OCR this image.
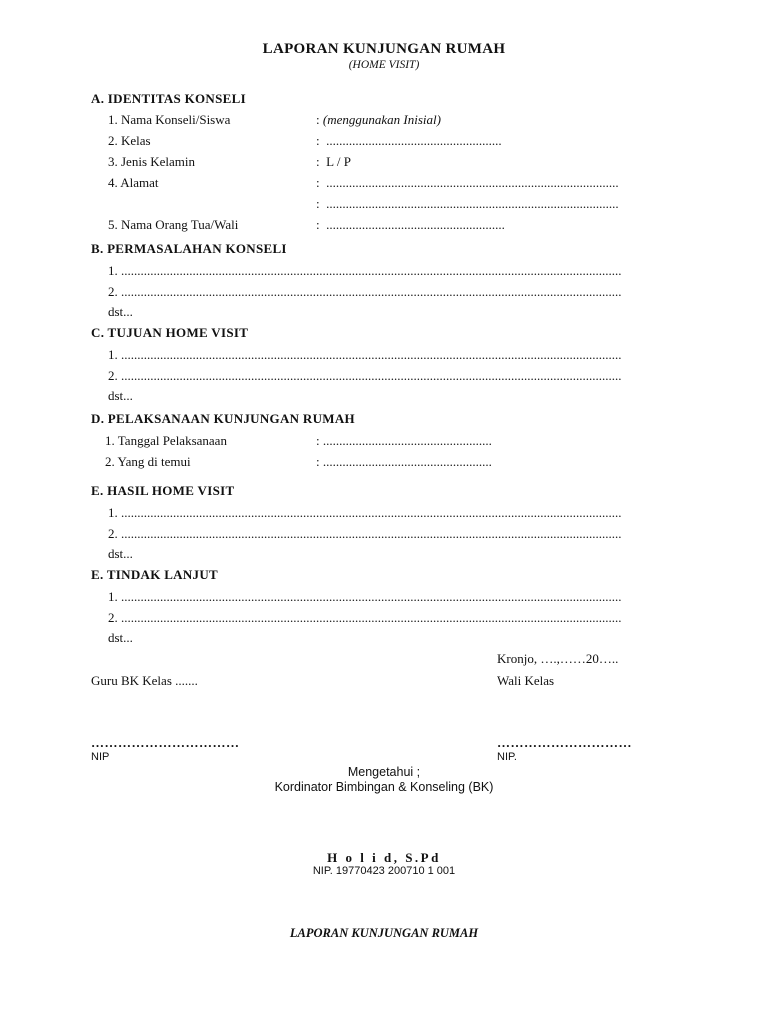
LAPORAN KUNJUNGAN RUMAH
(HOME VISIT)
A. IDENTITAS KONSELI
1. Nama Konseli/Siswa	: (menggunakan Inisial)
2. Kelas	: ......................................................
3. Jenis Kelamin	: L / P
4. Alamat	: ..........................................................................................
: ..........................................................................................
5. Nama Orang Tua/Wali	: .......................................................
B. PERMASALAHAN KONSELI
1. ..........................................................................................................................................................
2. ..........................................................................................................................................................
dst...
C. TUJUAN HOME VISIT
1. ..........................................................................................................................................................
2. ..........................................................................................................................................................
dst...
D. PELAKSANAAN KUNJUNGAN RUMAH
1. Tanggal Pelaksanaan	: ....................................................
2. Yang di temui	: ....................................................
E. HASIL HOME VISIT
1. ..........................................................................................................................................................
2. ..........................................................................................................................................................
dst...
E. TINDAK LANJUT
1. ..........................................................................................................................................................
2. ..........................................................................................................................................................
dst...
Kronjo, ….,……20…..
Guru BK Kelas .......	Wali Kelas
……………………………	…………………………
NIP	NIP.
Mengetahui ;
Kordinator Bimbingan & Konseling (BK)
H o l i d, S.Pd
NIP. 19770423 200710 1 001
LAPORAN KUNJUNGAN RUMAH
